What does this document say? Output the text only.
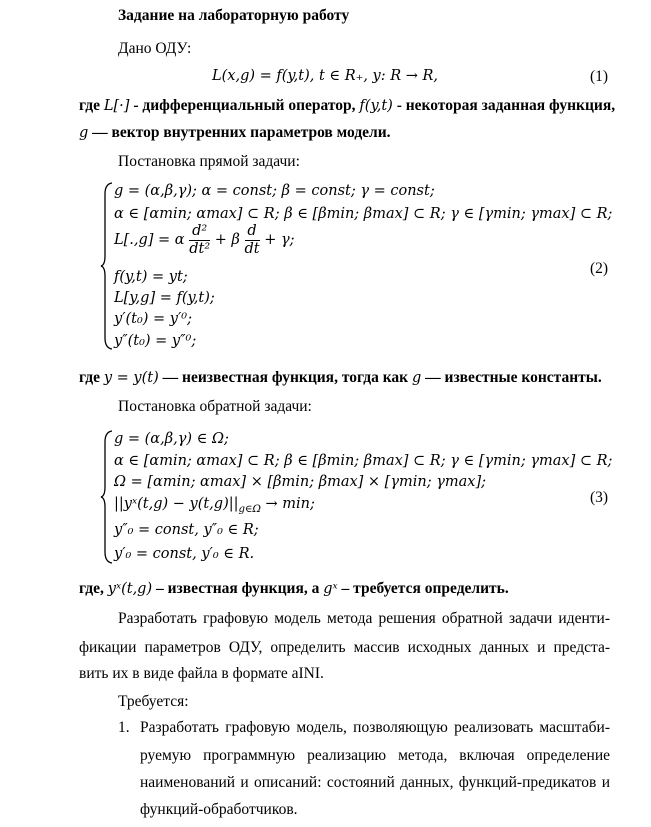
Задание на лабораторную работу
Дано ОДУ:
L(x,g) = f(y,t), t ∈ R₊, y: R → R,	(1)
где L[·] - дифференциальный оператор, f(y,t) - некоторая заданная функция,
g — вектор внутренних параметров модели.
Постановка прямой задачи:
g = (α,β,γ); α = const; β = const; γ = const;
α ∈ [αmin; αmax] ⊂ R; β ∈ [βmin; βmax] ⊂ R; γ ∈ [γmin; γmax] ⊂ R;
L[.,g] = α $\frac{\text{d²}}{\text{dt²}} + \beta \frac{d}{dt} + \gamma$;
f(y,t) = yt;
L[y,g] = f(y,t);
y′(t₀) = y′⁰;
y″(t₀) = y″⁰;
(2)
где y = y(t) — неизвестная функция, тогда как g — известные константы.
Постановка обратной задачи:
g = (α,β,γ) ∈ Ω;
α ∈ [αmin; αmax] ⊂ R; β ∈ [βmin; βmax] ⊂ R; γ ∈ [γmin; γmax] ⊂ R;
Ω = [αmin; αmax] × [βmin; βmax] × [γmin; γmax];
||yˣ(t,g) − $y(t,g)||_{g\in\Omega} \to \min$;
y″₀ = const, y″₀ ∈ R;
y′₀ = const, y′₀ ∈ R.
(3)
где, yˣ(t,g) – известная функция, а gˣ – требуется определить.
Разработать графовую модель метода решения обратной задачи иденти-
фикации параметров ОДУ, определить массив исходных данных и предста-
вить их в виде файла в формате aINI.
Требуется:
1. Разработать графовую модель, позволяющую реализовать масштаби-
руемую программную реализацию метода, включая определение
наименований и описаний: состояний данных, функций-предикатов и
функций-обработчиков.
